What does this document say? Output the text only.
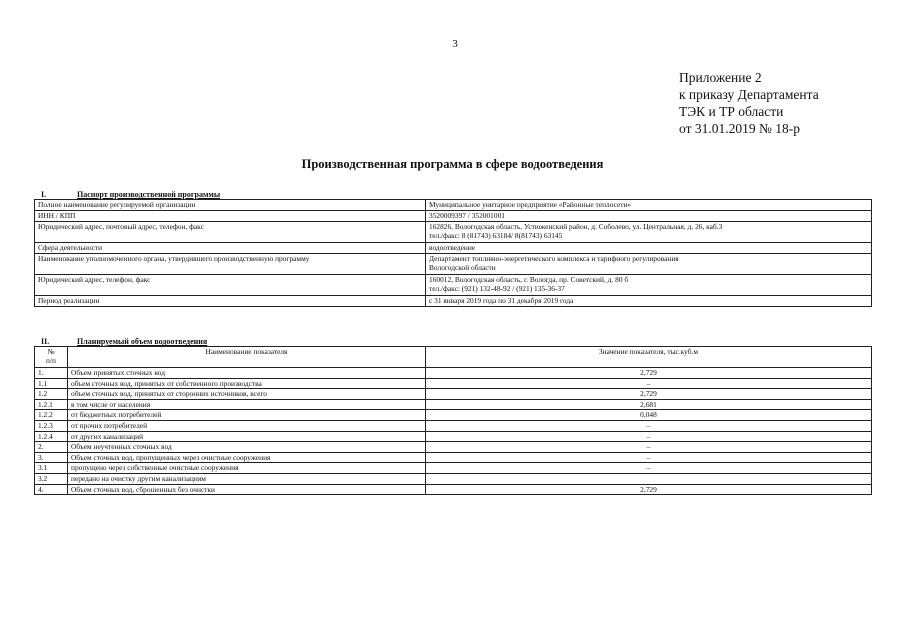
3
Приложение 2
к приказу Департамента
ТЭК и ТР области
от 31.01.2019 № 18-р
Производственная программа в сфере водоотведения
I.	Паспорт производственной программы
Полное наименование регулируемой организации	Муниципальное унитарное предприятие «Районные теплосети»
ИНН / КПП	3520009397 / 352001001
Юридический адрес, почтовый адрес, телефон, факс	162826, Вологодская область, Устюженский район, д. Соболево, ул. Центральная, д. 26, каб.3
тел./факс: 8 (81743) 63184/ 8(81743) 63145

Сфера деятельности	водоотведение
Наименование уполномоченного органа, утвердившего производственную программу	Департамент топливно-энергетического комплекса и тарифного регулирования
Вологодской области

Юридический адрес, телефон, факс	160012, Вологодская область, г. Вологда, пр. Советский, д. 80 б
тел./факс: (921) 132-48-92 / (921) 135-36-37

Период реализации	с 31 января 2019 года по 31 декабря 2019 года
II.	Планируемый объем водоотведения
№
п/п	Наименование показателя	Значение показателя, тыс.куб.м
1.	Объем принятых сточных вод	2,729
1.1	объем сточных вод, принятых от собственного производства	–
1.2	объем сточных вод, принятых от сторонних источников, всего	2,729
1.2.1	в том числе от населения	2,681
1.2.2	от бюджетных потребителей	0,048
1.2.3	от прочих потребителей	–
1.2.4	от других канализаций	–
2.	Объем неучтенных сточных вод	–
3.	Объем сточных вод, пропущенных через очистные сооружения	–
3.1	пропущено через собственные очистные сооружения	–
3.2	передано на очистку другим канализациям	
4.	Объем сточных вод, сброшенных без очистки	2,729
